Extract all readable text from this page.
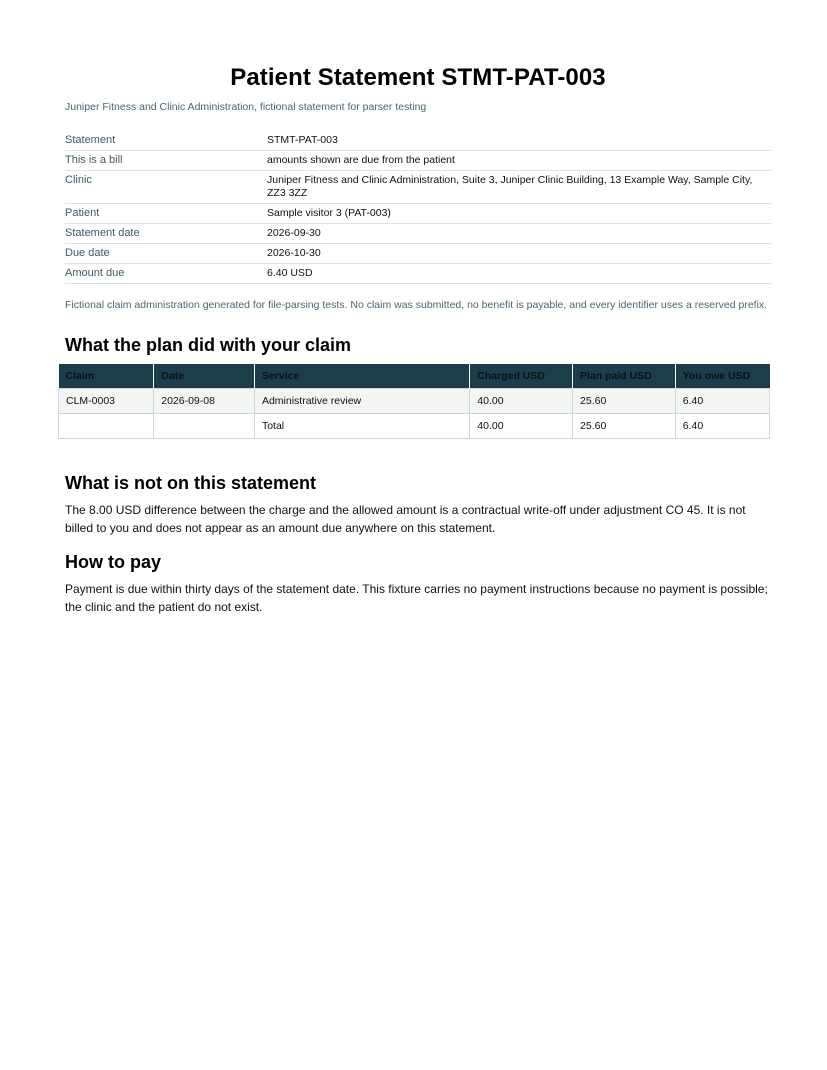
Patient Statement STMT-PAT-003
Juniper Fitness and Clinic Administration, fictional statement for parser testing
Statement	STMT-PAT-003
This is a bill	amounts shown are due from the patient
Clinic	Juniper Fitness and Clinic Administration, Suite 3, Juniper Clinic Building, 13 Example Way, Sample City, ZZ3 3ZZ
Patient	Sample visitor 3 (PAT-003)
Statement date	2026-09-30
Due date	2026-10-30
Amount due	6.40 USD
Fictional claim administration generated for file-parsing tests. No claim was submitted, no benefit is payable, and every identifier uses a reserved prefix.
What the plan did with your claim
Claim	Date	Service	Charged USD	Plan paid USD	You owe USD
CLM-0003	2026-09-08	Administrative review	40.00	25.60	6.40
		Total	40.00	25.60	6.40
What is not on this statement
The 8.00 USD difference between the charge and the allowed amount is a contractual write-off under adjustment CO 45. It is not billed to you and does not appear as an amount due anywhere on this statement.
How to pay
Payment is due within thirty days of the statement date. This fixture carries no payment instructions because no payment is possible; the clinic and the patient do not exist.
